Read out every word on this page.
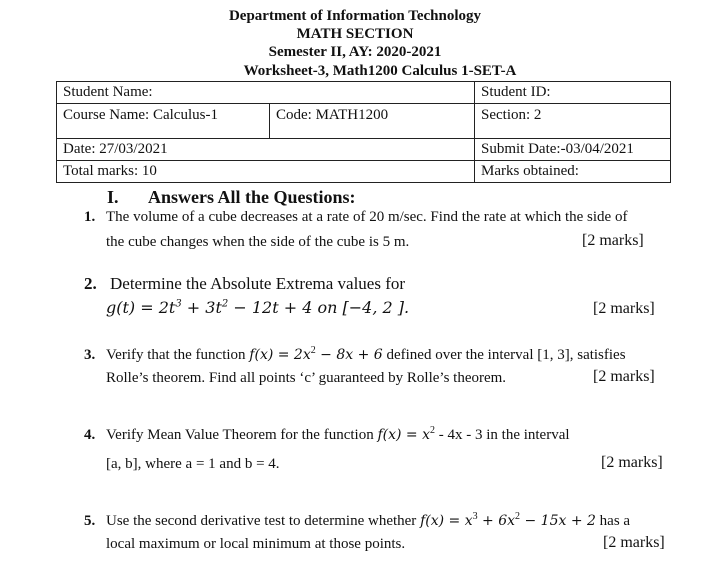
Department of Information Technology
MATH SECTION
Semester II, AY: 2020-2021
Worksheet-3, Math1200 Calculus 1-SET-A
Student Name:		Student ID:
Course Name: Calculus-1	Code: MATH1200	Section: 2
Date: 27/03/2021		Submit Date:-03/04/2021
Total marks: 10		Marks obtained:
I. Answers All the Questions:
1. The volume of a cube decreases at a rate of 20 m/sec. Find the rate at which the side of
the cube changes when the side of the cube is 5 m.	[2 marks]
2. Determine the Absolute Extrema values for
$g(t) = 2t^3 + 3t^2 - 12t + 4$ on [−4, 2 ].	[2 marks]
3. Verify that the function $f(x) = 2x^2 - 8x + 6$ defined over the interval [1, 3], satisfies
Rolle’s theorem. Find all points ‘c’ guaranteed by Rolle’s theorem.	[2 marks]
4. Verify Mean Value Theorem for the function $f(x) = x^2 - 4x - 3$ in the interval
[a, b], where a = 1 and b = 4.	[2 marks]
5. Use the second derivative test to determine whether $f(x) = x^3 + 6x^2 - 15x + 2$ has a
local maximum or local minimum at those points.	[2 marks]
